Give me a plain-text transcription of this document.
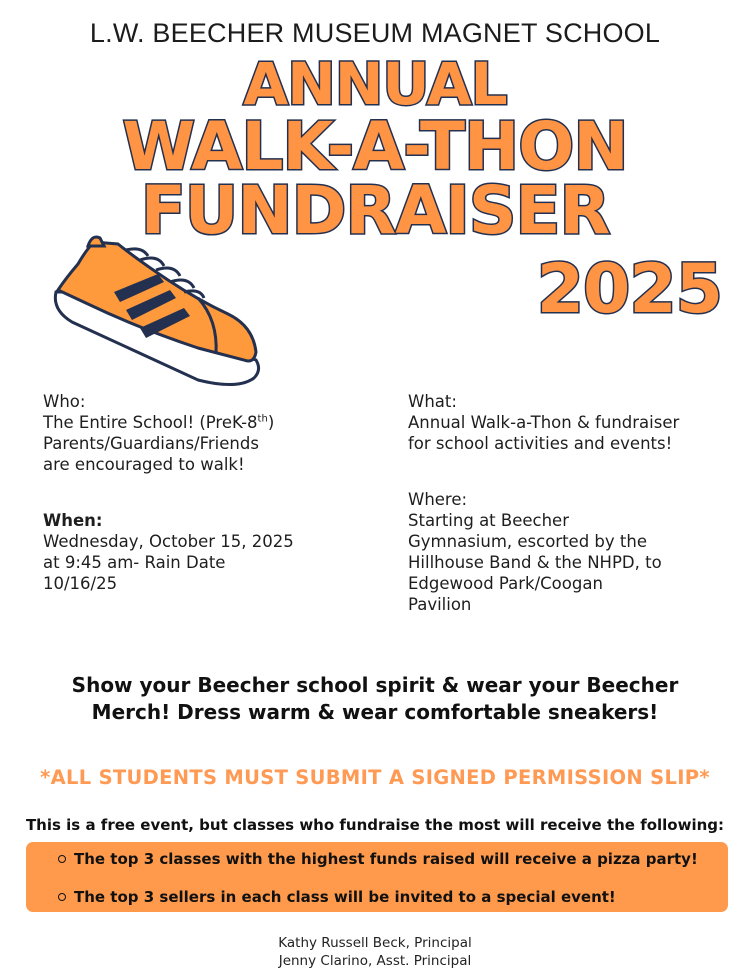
L.W. BEECHER MUSEUM MAGNET SCHOOL
ANNUAL
WALK-A-THON
FUNDRAISER
2025
Who:
The Entire School! (PreK-8th)
Parents/Guardians/Friends
are encouraged to walk!
When:
Wednesday, October 15, 2025
at 9:45 am- Rain Date
10/16/25
What:
Annual Walk-a-Thon & fundraiser
for school activities and events!
Where:
Starting at Beecher
Gymnasium, escorted by the
Hillhouse Band & the NHPD, to
Edgewood Park/Coogan
Pavilion
Show your Beecher school spirit & wear your Beecher
Merch! Dress warm & wear comfortable sneakers!
*ALL STUDENTS MUST SUBMIT A SIGNED PERMISSION SLIP*
This is a free event, but classes who fundraise the most will receive the following:
The top 3 classes with the highest funds raised will receive a pizza party!
The top 3 sellers in each class will be invited to a special event!
Kathy Russell Beck, Principal
Jenny Clarino, Asst. Principal
